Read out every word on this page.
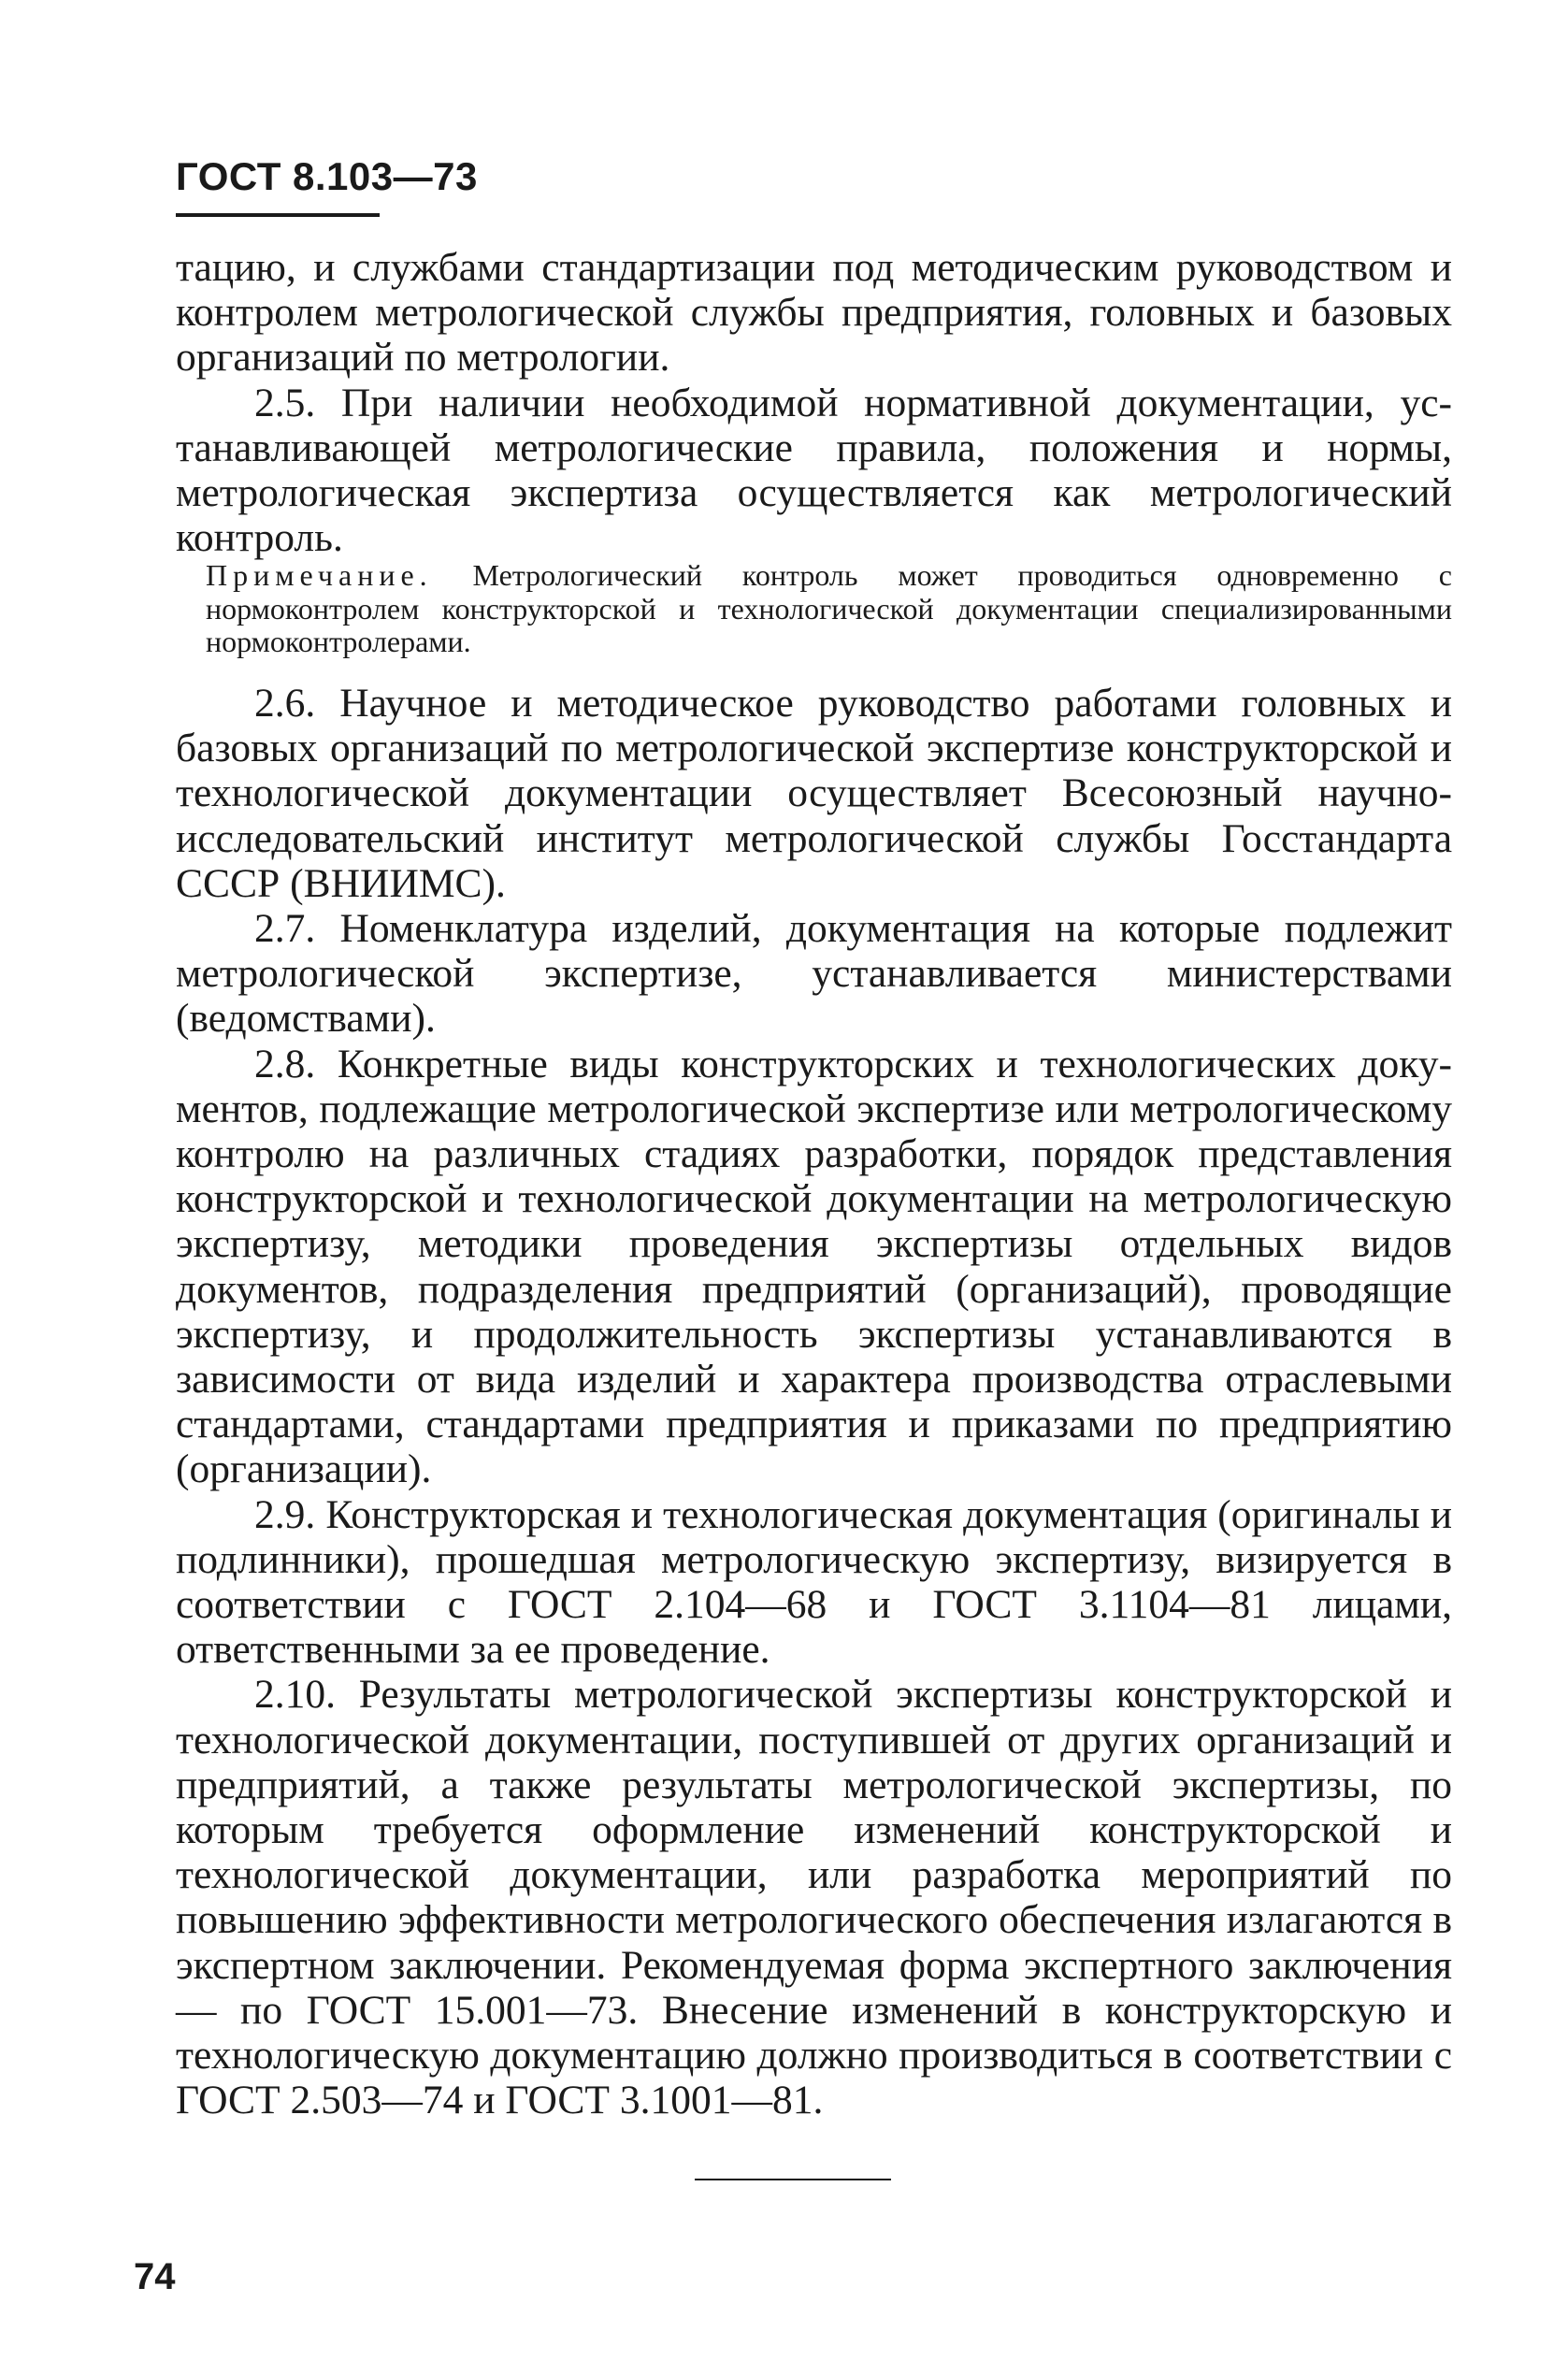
ГОСТ 8.103—73

тацию, и службами стандартизации под методическим руководством и контролем метрологической службы предприятия, головных и базовых организаций по метрологии.

2.5. При наличии необходимой нормативной документации, устанавливающей метрологические правила, положения и нормы, метрологическая экспертиза осуществляется как метрологический контроль.

Примечание. Метрологический контроль может проводиться одновременно с нормоконтролем конструкторской и технологической документации специализированными нормоконтролерами.

2.6. Научное и методическое руководство работами головных и базовых организаций по метрологической экспертизе конструкторской и технологической документации осуществляет Всесоюзный научно-исследовательский институт метрологической службы Госстандарта СССР (ВНИИМС).

2.7. Номенклатура изделий, документация на которые подлежит метрологической экспертизе, устанавливается министерствами (ведомствами).

2.8. Конкретные виды конструкторских и технологических документов, подлежащие метрологической экспертизе или метрологическому контролю на различных стадиях разработки, порядок представления конструкторской и технологической документации на метрологическую экспертизу, методики проведения экспертизы отдельных видов документов, подразделения предприятий (организаций), проводящие экспертизу, и продолжительность экспертизы устанавливаются в зависимости от вида изделий и характера производства отраслевыми стандартами, стандартами предприятия и приказами по предприятию (организации).

2.9. Конструкторская и технологическая документация (оригиналы и подлинники), прошедшая метрологическую экспертизу, визируется в соответствии с ГОСТ 2.104—68 и ГОСТ 3.1104—81 лицами, ответственными за ее проведение.

2.10. Результаты метрологической экспертизы конструкторской и технологической документации, поступившей от других организаций и предприятий, а также результаты метрологической экспертизы, по которым требуется оформление изменений конструкторской и технологической документации, или разработка мероприятий по повышению эффективности метрологического обеспечения излагаются в экспертном заключении. Рекомендуемая форма экспертного заключения — по ГОСТ 15.001—73. Внесение изменений в конструкторскую и технологическую документацию должно производиться в соответствии с ГОСТ 2.503—74 и ГОСТ 3.1001—81.

74
